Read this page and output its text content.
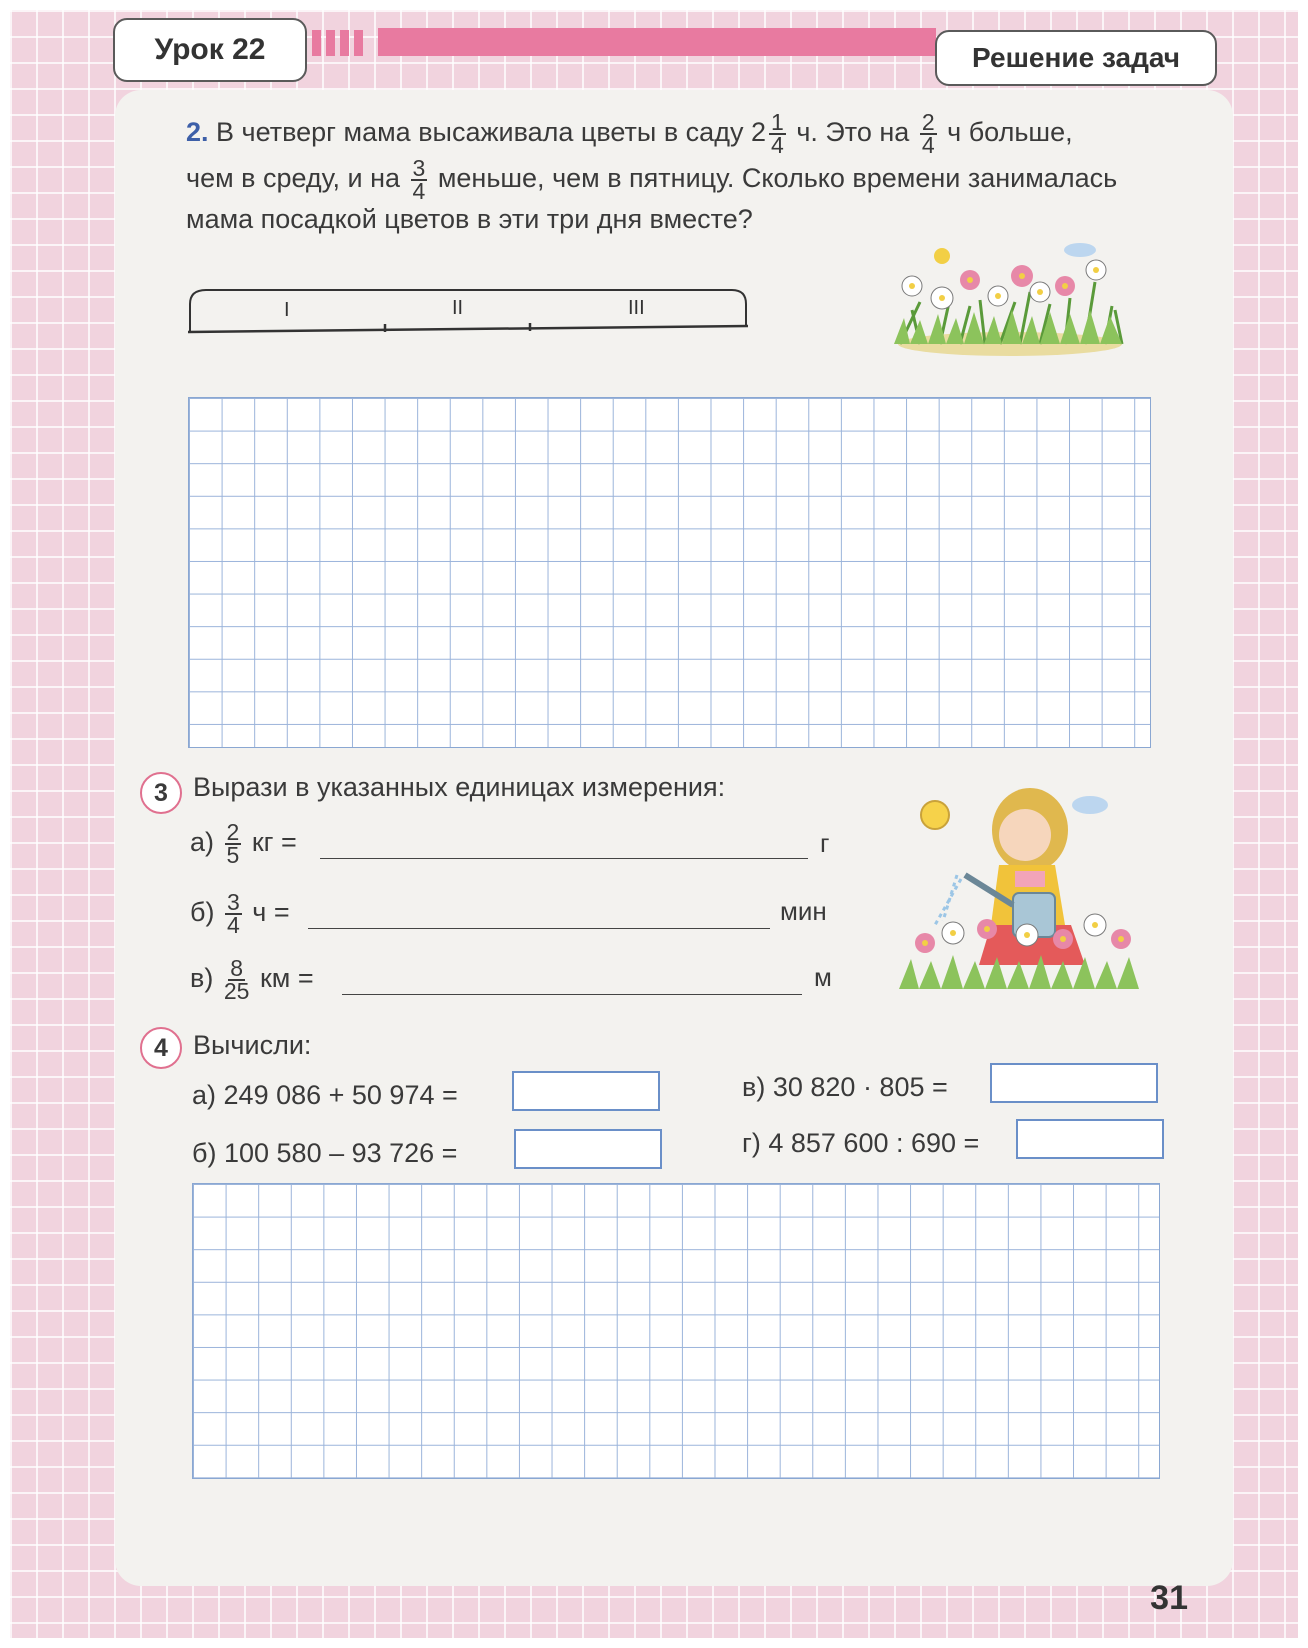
Урок 22	Решение задач
2. В четверг мама высаживала цветы в саду $2 \frac{1}{4} ч$. Это на $\frac{2}{4}$ ч больше,
чем в среду, и на $\frac{3}{4}$ меньше, чем в пятницу. Сколько времени занималась
мама посадкой цветов в эти три дня вместе?
I	II	III
3 Вырази в указанных единицах измерения:
$а) \frac{2}{5}$ кг =	г
$б) \frac{3}{4}$ ч =	мин
$в) \frac{8}{25}$ км =	м
4 Вычисли:
а) 249 086 + 50 974 =
б) 100 580 – 93 726 =
в) 30 820 · 805 =
г) 4 857 600 : 690 =
31
